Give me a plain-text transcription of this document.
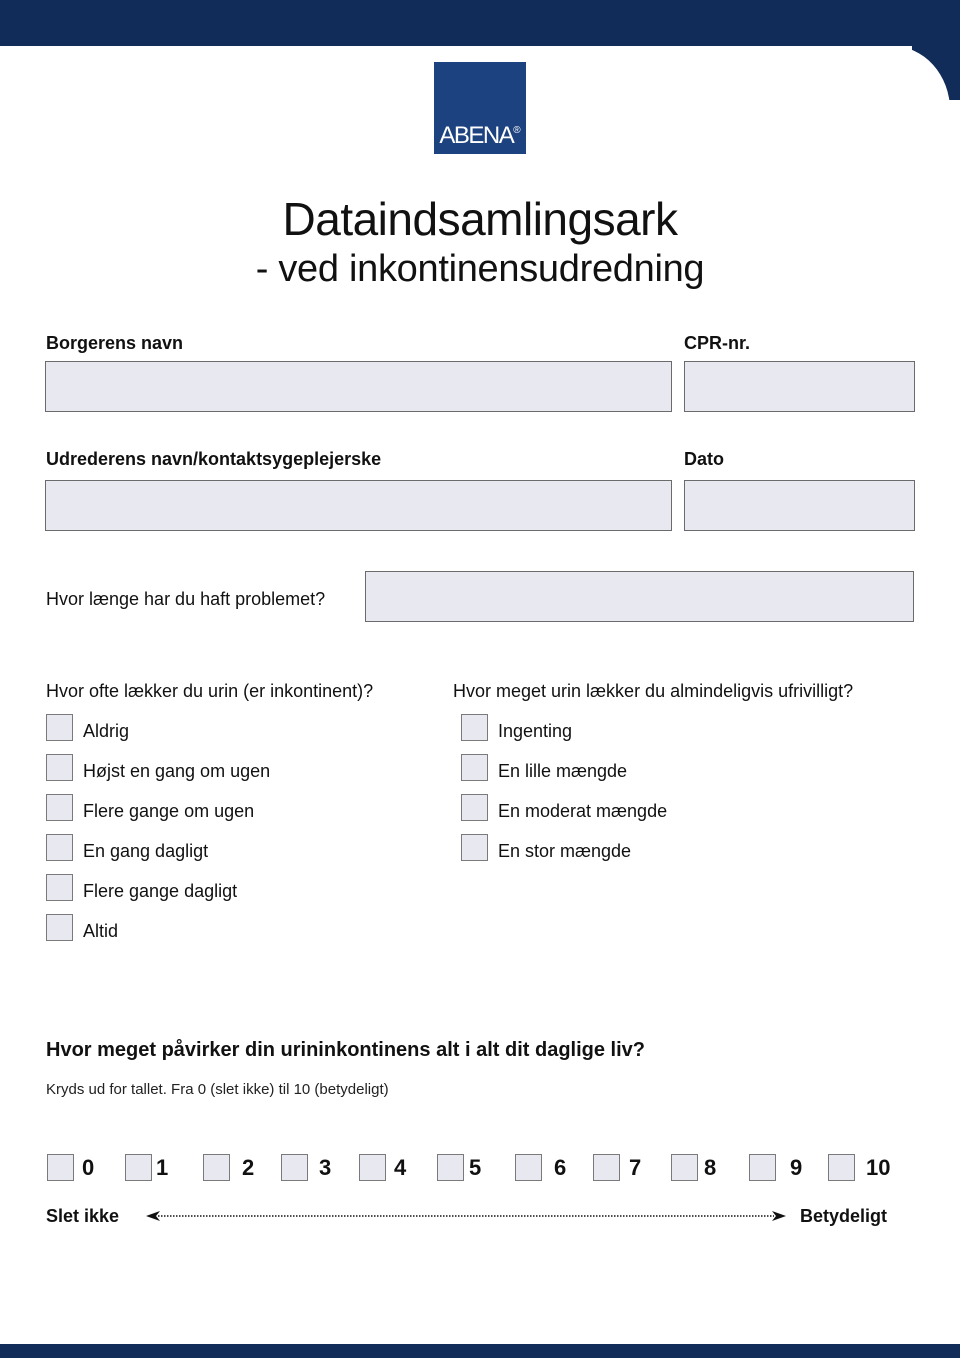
ABENA®
Dataindsamlingsark
- ved inkontinensudredning
Borgerens navn	CPR-nr.
Udrederens navn/kontaktsygeplejerske	Dato
Hvor længe har du haft problemet?
Hvor ofte lækker du urin (er inkontinent)?
Aldrig
Højst en gang om ugen
Flere gange om ugen
En gang dagligt
Flere gange dagligt
Altid
Hvor meget urin lækker du almindeligvis ufrivilligt?
Ingenting
En lille mængde
En moderat mængde
En stor mængde
Hvor meget påvirker din urininkontinens alt i alt dit daglige liv?
Kryds ud for tallet. Fra 0 (slet ikke) til 10 (betydeligt)
0	1	2	3	4	5	6	7	8	9	10
Slet ikke	Betydeligt
